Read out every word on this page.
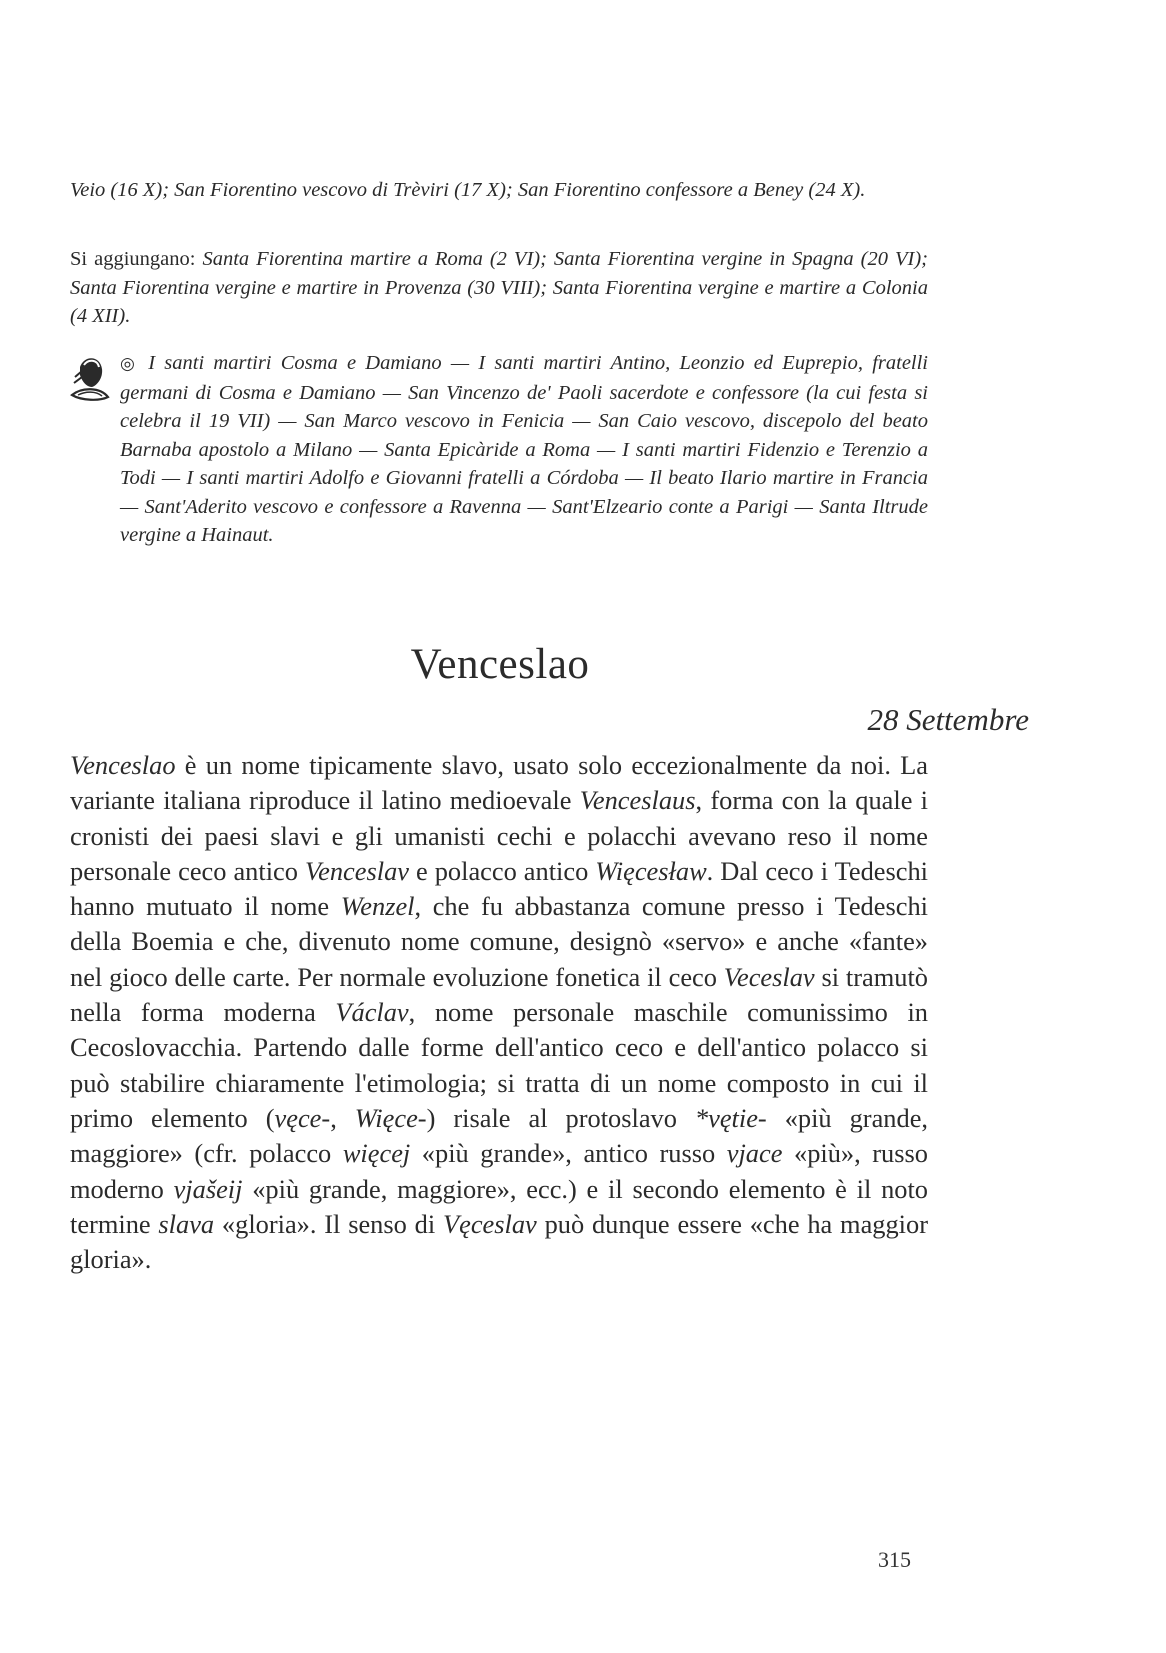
Veio (16 X); San Fiorentino vescovo di Trèviri (17 X); San Fiorentino confessore a Beney (24 X).

Si aggiungano: Santa Fiorentina martire a Roma (2 VI); Santa Fiorentina vergine in Spagna (20 VI); Santa Fiorentina vergine e martire in Provenza (30 VIII); Santa Fiorentina vergine e martire a Colonia (4 XII).

◎ I santi martiri Cosma e Damiano — I santi martiri Antino, Leonzio ed Euprepio, fratelli germani di Cosma e Damiano — San Vincenzo de' Paoli sacerdote e confessore (la cui festa si celebra il 19 VII) — San Marco vescovo in Fenicia — San Caio vescovo, discepolo del beato Barnaba apostolo a Milano — Santa Epicàride a Roma — I santi martiri Fidenzio e Terenzio a Todi — I santi martiri Adolfo e Giovanni fratelli a Córdoba — Il beato Ilario martire in Francia — Sant'Aderito vescovo e confessore a Ravenna — Sant'Elzeario conte a Parigi — Santa Iltrude vergine a Hainaut.

Venceslao

28 Settembre

Venceslao è un nome tipicamente slavo, usato solo eccezionalmente da noi. La variante italiana riproduce il latino medioevale Venceslaus, forma con la quale i cronisti dei paesi slavi e gli umanisti cechi e polacchi avevano reso il nome personale ceco antico Venceslav e polacco antico Więcesław. Dal ceco i Tedeschi hanno mutuato il nome Wenzel, che fu abbastanza comune presso i Tedeschi della Boemia e che, divenuto nome comune, designò «servo» e anche «fante» nel gioco delle carte. Per normale evoluzione fonetica il ceco Veceslav si tramutò nella forma moderna Václav, nome personale maschile comunissimo in Cecoslovacchia. Partendo dalle forme dell'antico ceco e dell'antico polacco si può stabilire chiaramente l'etimologia; si tratta di un nome composto in cui il primo elemento (vęce-, Więce-) risale al protoslavo *vętie- «più grande, maggiore» (cfr. polacco więcej «più grande», antico russo vjace «più», russo moderno vjašeij «più grande, maggiore», ecc.) e il secondo elemento è il noto termine slava «gloria». Il senso di Vęceslav può dunque essere «che ha maggior gloria».

315
